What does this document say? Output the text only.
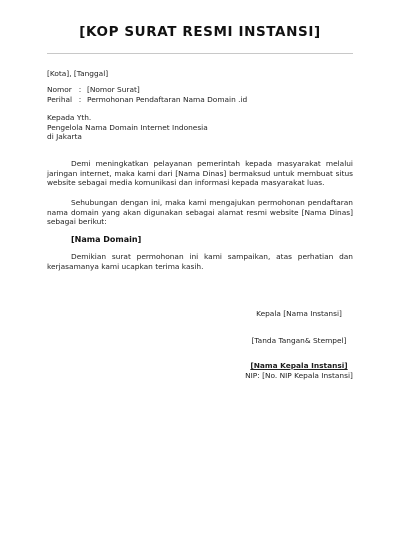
[KOP SURAT RESMI INSTANSI]
[Kota], [Tanggal]
Nomor : [Nomor Surat]
Perihal : Permohonan Pendaftaran Nama Domain .id
Kepada Yth.
Pengelola Nama Domain Internet Indonesia
di Jakarta
Demi meningkatkan pelayanan pemerintah kepada masyarakat melalui jaringan internet, maka kami dari [Nama Dinas] bermaksud untuk membuat situs website sebagai media komunikasi dan informasi kepada masyarakat luas.
Sehubungan dengan ini, maka kami mengajukan permohonan pendaftaran nama domain yang akan digunakan sebagai alamat resmi website [Nama Dinas] sebagai berikut:
[Nama Domain]
Demikian surat permohonan ini kami sampaikan, atas perhatian dan kerjasamanya kami ucapkan terima kasih.
Kepala [Nama Instansi]
[Tanda Tangan& Stempel]
[Nama Kepala Instansi]
NIP: [No. NIP Kepala Instansi]
